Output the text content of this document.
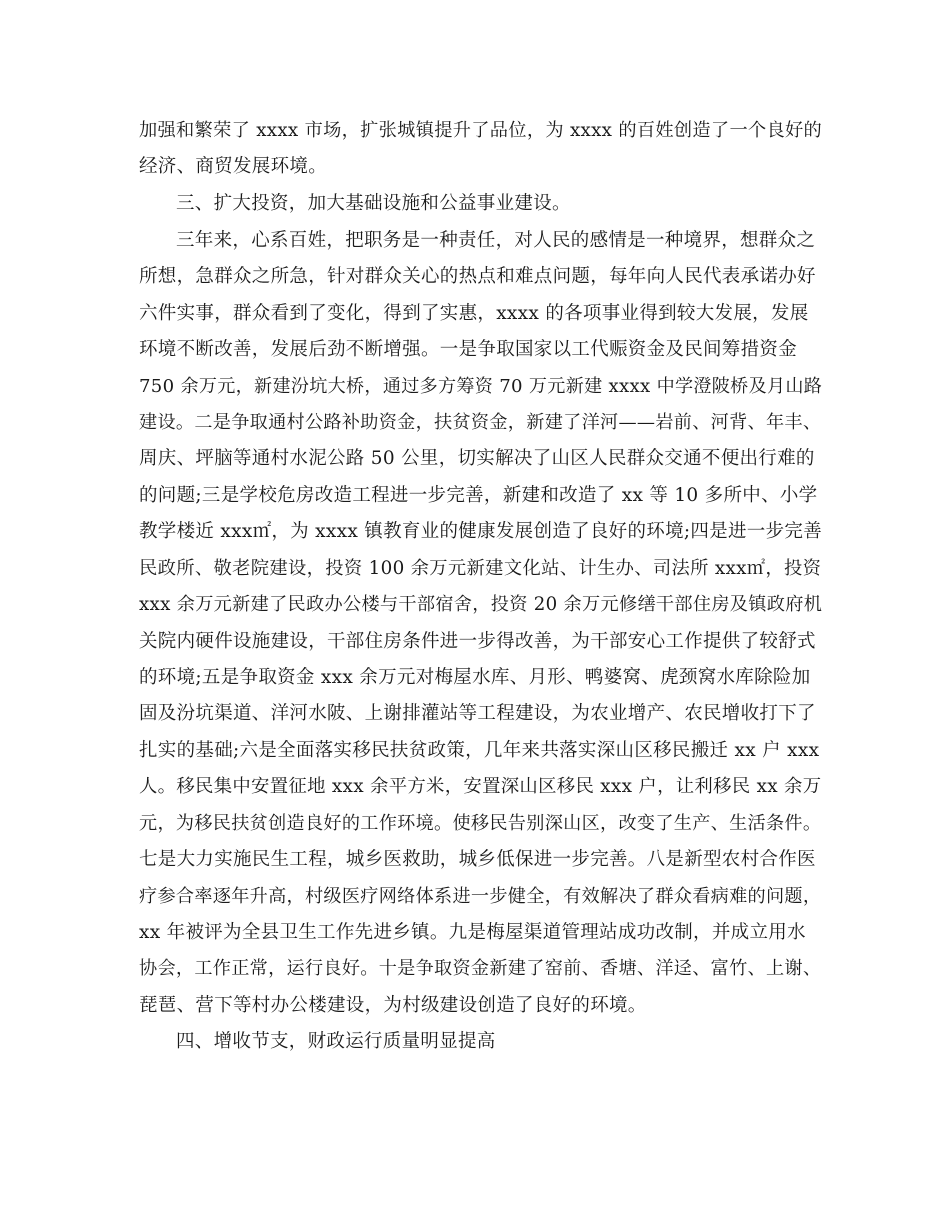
加强和繁荣了 xxxx 市场，扩张城镇提升了品位，为 xxxx 的百姓创造了一个良好的
经济、商贸发展环境。
三、扩大投资，加大基础设施和公益事业建设。
三年来，心系百姓，把职务是一种责任，对人民的感情是一种境界，想群众之
所想，急群众之所急，针对群众关心的热点和难点问题，每年向人民代表承诺办好
六件实事，群众看到了变化，得到了实惠，xxxx 的各项事业得到较大发展，发展
环境不断改善，发展后劲不断增强。一是争取国家以工代赈资金及民间筹措资金
750 余万元，新建汾坑大桥，通过多方筹资 70 万元新建 xxxx 中学澄陂桥及月山路
建设。二是争取通村公路补助资金，扶贫资金，新建了洋河——岩前、河背、年丰、
周庆、坪脑等通村水泥公路 50 公里，切实解决了山区人民群众交通不便出行难的
的问题;三是学校危房改造工程进一步完善，新建和改造了 xx 等 10 多所中、小学
教学楼近 xxx㎡，为 xxxx 镇教育业的健康发展创造了良好的环境;四是进一步完善
民政所、敬老院建设，投资 100 余万元新建文化站、计生办、司法所 xxx㎡，投资
xxx 余万元新建了民政办公楼与干部宿舍，投资 20 余万元修缮干部住房及镇政府机
关院内硬件设施建设，干部住房条件进一步得改善，为干部安心工作提供了较舒式
的环境;五是争取资金 xxx 余万元对梅屋水库、月形、鸭婆窝、虎颈窝水库除险加
固及汾坑渠道、洋河水陂、上谢排灌站等工程建设，为农业增产、农民增收打下了
扎实的基础;六是全面落实移民扶贫政策，几年来共落实深山区移民搬迁 xx 户 xxx
人。移民集中安置征地 xxx 余平方米，安置深山区移民 xxx 户，让利移民 xx 余万
元，为移民扶贫创造良好的工作环境。使移民告别深山区，改变了生产、生活条件。
七是大力实施民生工程，城乡医救助，城乡低保进一步完善。八是新型农村合作医
疗参合率逐年升高，村级医疗网络体系进一步健全，有效解决了群众看病难的问题，
xx 年被评为全县卫生工作先进乡镇。九是梅屋渠道管理站成功改制，并成立用水
协会，工作正常，运行良好。十是争取资金新建了窑前、香塘、洋迳、富竹、上谢、
琵琶、营下等村办公楼建设，为村级建设创造了良好的环境。
四、增收节支，财政运行质量明显提高
